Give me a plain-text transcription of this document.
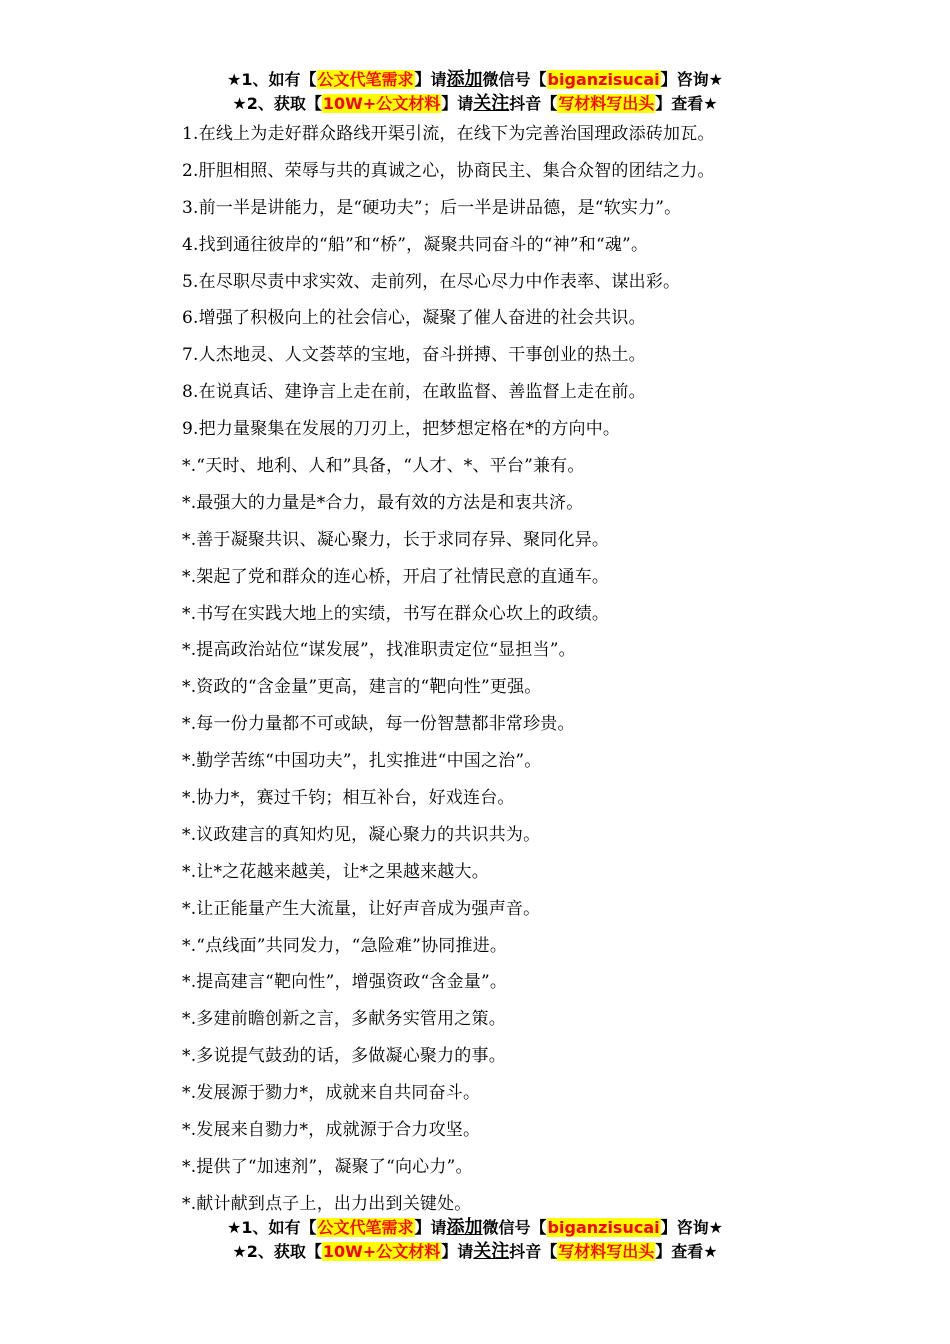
★1、如有【公文代笔需求】请添加微信号【biganzisucai】咨询★
★2、获取【10W+公文材料】请关注抖音【写材料写出头】查看★
1.在线上为走好群众路线开渠引流，在线下为完善治国理政添砖加瓦。
2.肝胆相照、荣辱与共的真诚之心，协商民主、集合众智的团结之力。
3.前一半是讲能力，是“硬功夫”；后一半是讲品德，是“软实力”。
4.找到通往彼岸的“船”和“桥”，凝聚共同奋斗的“神”和“魂”。
5.在尽职尽责中求实效、走前列，在尽心尽力中作表率、谋出彩。
6.增强了积极向上的社会信心，凝聚了催人奋进的社会共识。
7.人杰地灵、人文荟萃的宝地，奋斗拼搏、干事创业的热土。
8.在说真话、建诤言上走在前，在敢监督、善监督上走在前。
9.把力量聚集在发展的刀刃上，把梦想定格在*的方向中。
*.“天时、地利、人和”具备，“人才、*、平台”兼有。
*.最强大的力量是*合力，最有效的方法是和衷共济。
*.善于凝聚共识、凝心聚力，长于求同存异、聚同化异。
*.架起了党和群众的连心桥，开启了社情民意的直通车。
*.书写在实践大地上的实绩，书写在群众心坎上的政绩。
*.提高政治站位“谋发展”，找准职责定位“显担当”。
*.资政的“含金量”更高，建言的“靶向性”更强。
*.每一份力量都不可或缺，每一份智慧都非常珍贵。
*.勤学苦练“中国功夫”，扎实推进“中国之治”。
*.协力*，赛过千钧；相互补台，好戏连台。
*.议政建言的真知灼见，凝心聚力的共识共为。
*.让*之花越来越美，让*之果越来越大。
*.让正能量产生大流量，让好声音成为强声音。
*.“点线面”共同发力，“急险难”协同推进。
*.提高建言“靶向性”，增强资政“含金量”。
*.多建前瞻创新之言，多献务实管用之策。
*.多说提气鼓劲的话，多做凝心聚力的事。
*.发展源于勠力*，成就来自共同奋斗。
*.发展来自勠力*，成就源于合力攻坚。
*.提供了“加速剂”，凝聚了“向心力”。
*.献计献到点子上，出力出到关键处。
★1、如有【公文代笔需求】请添加微信号【biganzisucai】咨询★
★2、获取【10W+公文材料】请关注抖音【写材料写出头】查看★
